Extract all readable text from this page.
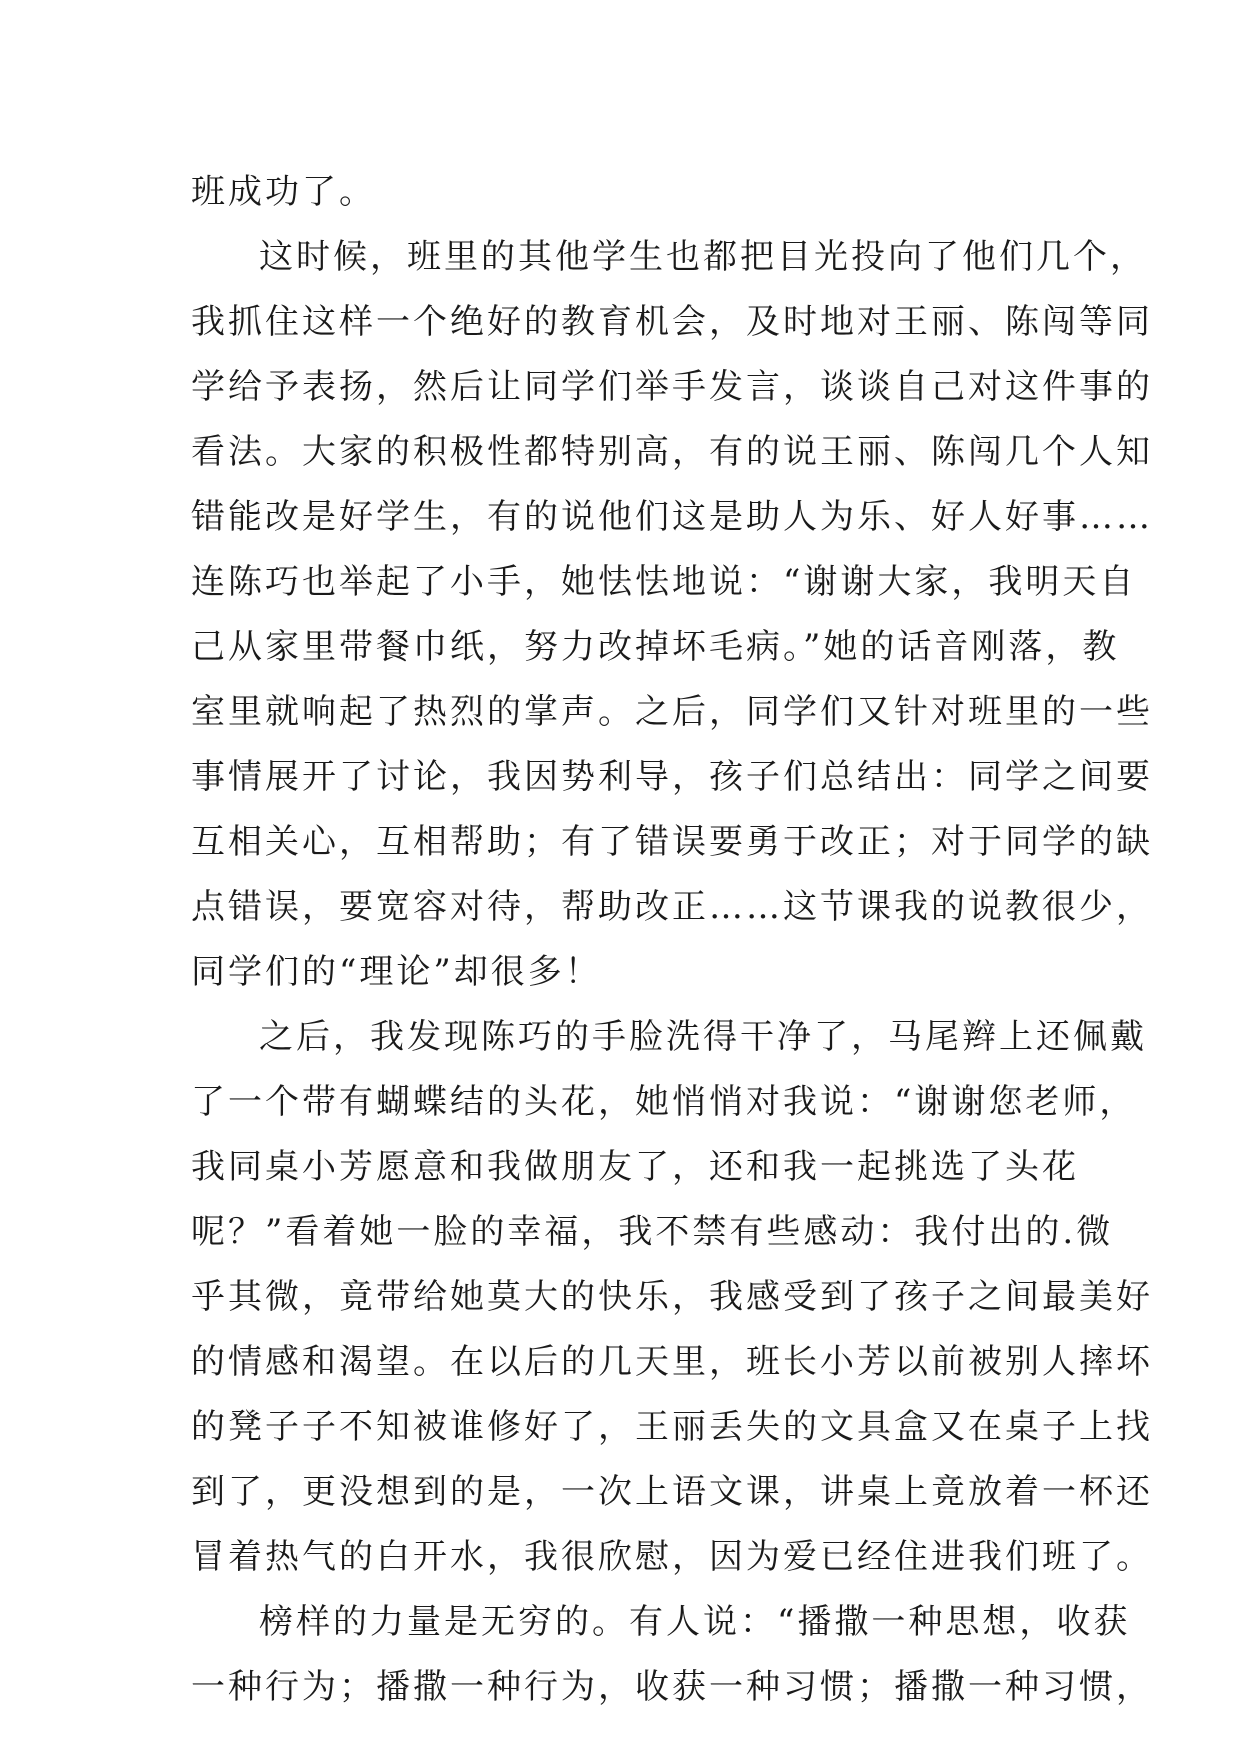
班成功了。
这时候，班里的其他学生也都把目光投向了他们几个，
我抓住这样一个绝好的教育机会，及时地对王丽、陈闯等同
学给予表扬，然后让同学们举手发言，谈谈自己对这件事的
看法。大家的积极性都特别高，有的说王丽、陈闯几个人知
错能改是好学生，有的说他们这是助人为乐、好人好事……
连陈巧也举起了小手，她怯怯地说：“谢谢大家，我明天自
己从家里带餐巾纸，努力改掉坏毛病。”她的话音刚落，教
室里就响起了热烈的掌声。之后，同学们又针对班里的一些
事情展开了讨论，我因势利导，孩子们总结出：同学之间要
互相关心，互相帮助；有了错误要勇于改正；对于同学的缺
点错误，要宽容对待，帮助改正……这节课我的说教很少，
同学们的“理论”却很多！
之后，我发现陈巧的手脸洗得干净了，马尾辫上还佩戴
了一个带有蝴蝶结的头花，她悄悄对我说：“谢谢您老师，
我同桌小芳愿意和我做朋友了，还和我一起挑选了头花
呢？”看着她一脸的幸福，我不禁有些感动：我付出的.微
乎其微，竟带给她莫大的快乐，我感受到了孩子之间最美好
的情感和渴望。在以后的几天里，班长小芳以前被别人摔坏
的凳子子不知被谁修好了，王丽丢失的文具盒又在桌子上找
到了，更没想到的是，一次上语文课，讲桌上竟放着一杯还
冒着热气的白开水，我很欣慰，因为爱已经住进我们班了。
榜样的力量是无穷的。有人说：“播撒一种思想，收获
一种行为；播撒一种行为，收获一种习惯；播撒一种习惯，
